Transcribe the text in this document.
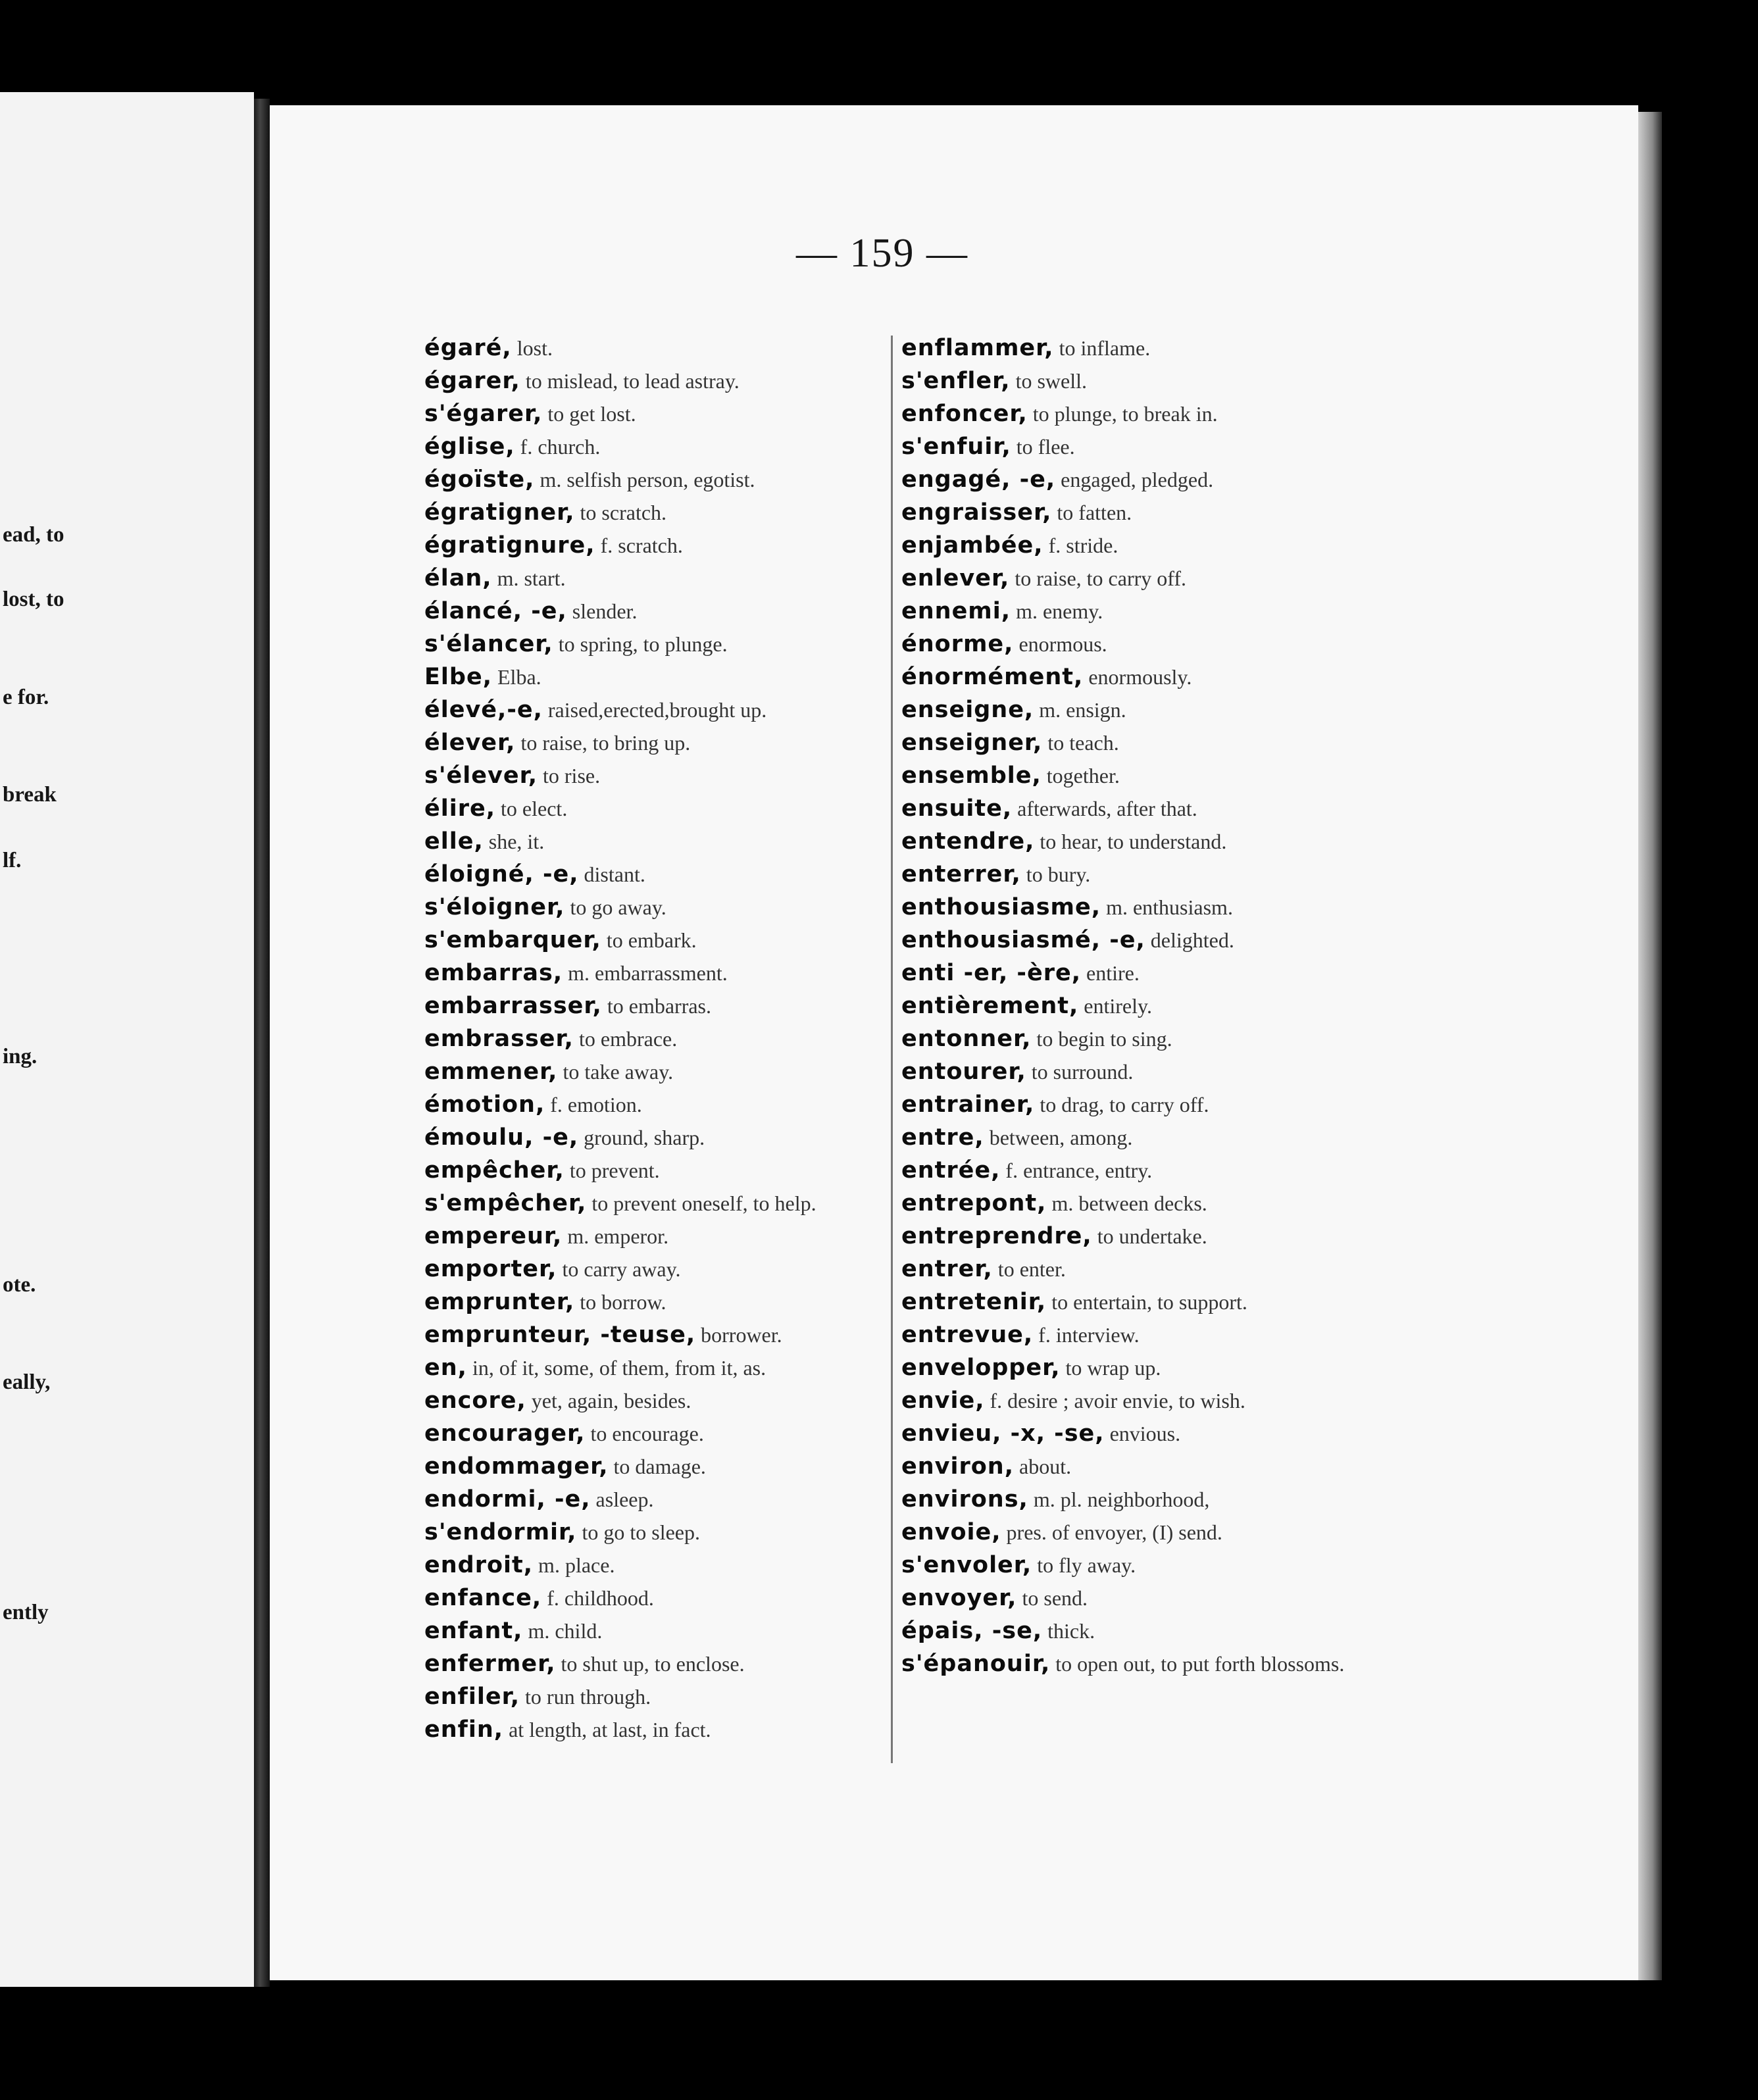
ead, to
lost, to
e for.
break
lf.
ing.
ote.
eally,
ently
— 159 —
égaré, lost.
égarer, to mislead, to lead astray.
s'égarer, to get lost.
église, f. church.
égoïste, m. selfish person, egotist.
égratigner, to scratch.
égratignure, f. scratch.
élan, m. start.
élancé, -e, slender.
s'élancer, to spring, to plunge.
Elbe, Elba.
élevé,-e, raised,erected,brought up.
élever, to raise, to bring up.
s'élever, to rise.
élire, to elect.
elle, she, it.
éloigné, -e, distant.
s'éloigner, to go away.
s'embarquer, to embark.
embarras, m. embarrassment.
embarrasser, to embarras.
embrasser, to embrace.
emmener, to take away.
émotion, f. emotion.
émoulu, -e, ground, sharp.
empêcher, to prevent.
s'empêcher, to prevent oneself, to help.
empereur, m. emperor.
emporter, to carry away.
emprunter, to borrow.
emprunteur, -teuse, borrower.
en, in, of it, some, of them, from it, as.
encore, yet, again, besides.
encourager, to encourage.
endommager, to damage.
endormi, -e, asleep.
s'endormir, to go to sleep.
endroit, m. place.
enfance, f. childhood.
enfant, m. child.
enfermer, to shut up, to enclose.
enfiler, to run through.
enfin, at length, at last, in fact.
enflammer, to inflame.
s'enfler, to swell.
enfoncer, to plunge, to break in.
s'enfuir, to flee.
engagé, -e, engaged, pledged.
engraisser, to fatten.
enjambée, f. stride.
enlever, to raise, to carry off.
ennemi, m. enemy.
énorme, enormous.
énormément, enormously.
enseigne, m. ensign.
enseigner, to teach.
ensemble, together.
ensuite, afterwards, after that.
entendre, to hear, to understand.
enterrer, to bury.
enthousiasme, m. enthusiasm.
enthousiasmé, -e, delighted.
enti -er, -ère, entire.
entièrement, entirely.
entonner, to begin to sing.
entourer, to surround.
entrainer, to drag, to carry off.
entre, between, among.
entrée, f. entrance, entry.
entrepont, m. between decks.
entreprendre, to undertake.
entrer, to enter.
entretenir, to entertain, to support.
entrevue, f. interview.
envelopper, to wrap up.
envie, f. desire ; avoir envie, to wish.
envieu, -x, -se, envious.
environ, about.
environs, m. pl. neighborhood,
envoie, pres. of envoyer, (I) send.
s'envoler, to fly away.
envoyer, to send.
épais, -se, thick.
s'épanouir, to open out, to put forth blossoms.
